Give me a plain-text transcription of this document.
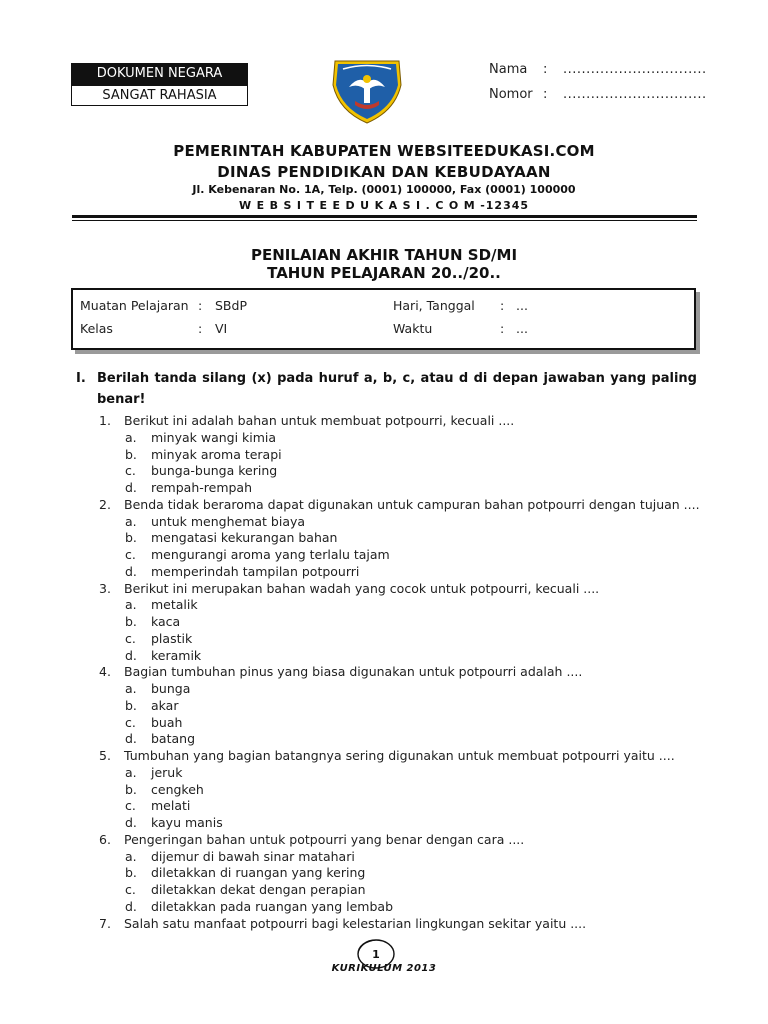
DOKUMEN NEGARA
SANGAT RAHASIA
Nama : ...............................
Nomor : ...............................
PEMERINTAH KABUPATEN WEBSITEEDUKASI.COM
DINAS PENDIDIKAN DAN KEBUDAYAAN
Jl. Kebenaran No. 1A, Telp. (0001) 100000, Fax (0001) 100000
WEBSITEEDUKASI.COM-12345
PENILAIAN AKHIR TAHUN SD/MI
TAHUN PELAJARAN 20../20..
Muatan Pelajaran : SBdP
Kelas	: VI
Hari, Tanggal : ...
Waktu	: ...
I. Berilah tanda silang (x) pada huruf a, b, c, atau d di depan jawaban yang paling benar!
1. Berikut ini adalah bahan untuk membuat potpourri, kecuali ....
a. minyak wangi kimia
b. minyak aroma terapi
c. bunga-bunga kering
d. rempah-rempah
2. Benda tidak beraroma dapat digunakan untuk campuran bahan potpourri dengan tujuan ....
a. untuk menghemat biaya
b. mengatasi kekurangan bahan
c. mengurangi aroma yang terlalu tajam
d. memperindah tampilan potpourri
3. Berikut ini merupakan bahan wadah yang cocok untuk potpourri, kecuali ....
a. metalik
b. kaca
c. plastik
d. keramik
4. Bagian tumbuhan pinus yang biasa digunakan untuk potpourri adalah ....
a. bunga
b. akar
c. buah
d. batang
5. Tumbuhan yang bagian batangnya sering digunakan untuk membuat potpourri yaitu ....
a. jeruk
b. cengkeh
c. melati
d. kayu manis
6. Pengeringan bahan untuk potpourri yang benar dengan cara ....
a. dijemur di bawah sinar matahari
b. diletakkan di ruangan yang kering
c. diletakkan dekat dengan perapian
d. diletakkan pada ruangan yang lembab
7. Salah satu manfaat potpourri bagi kelestarian lingkungan sekitar yaitu ....
1
KURIKULUM 2013
